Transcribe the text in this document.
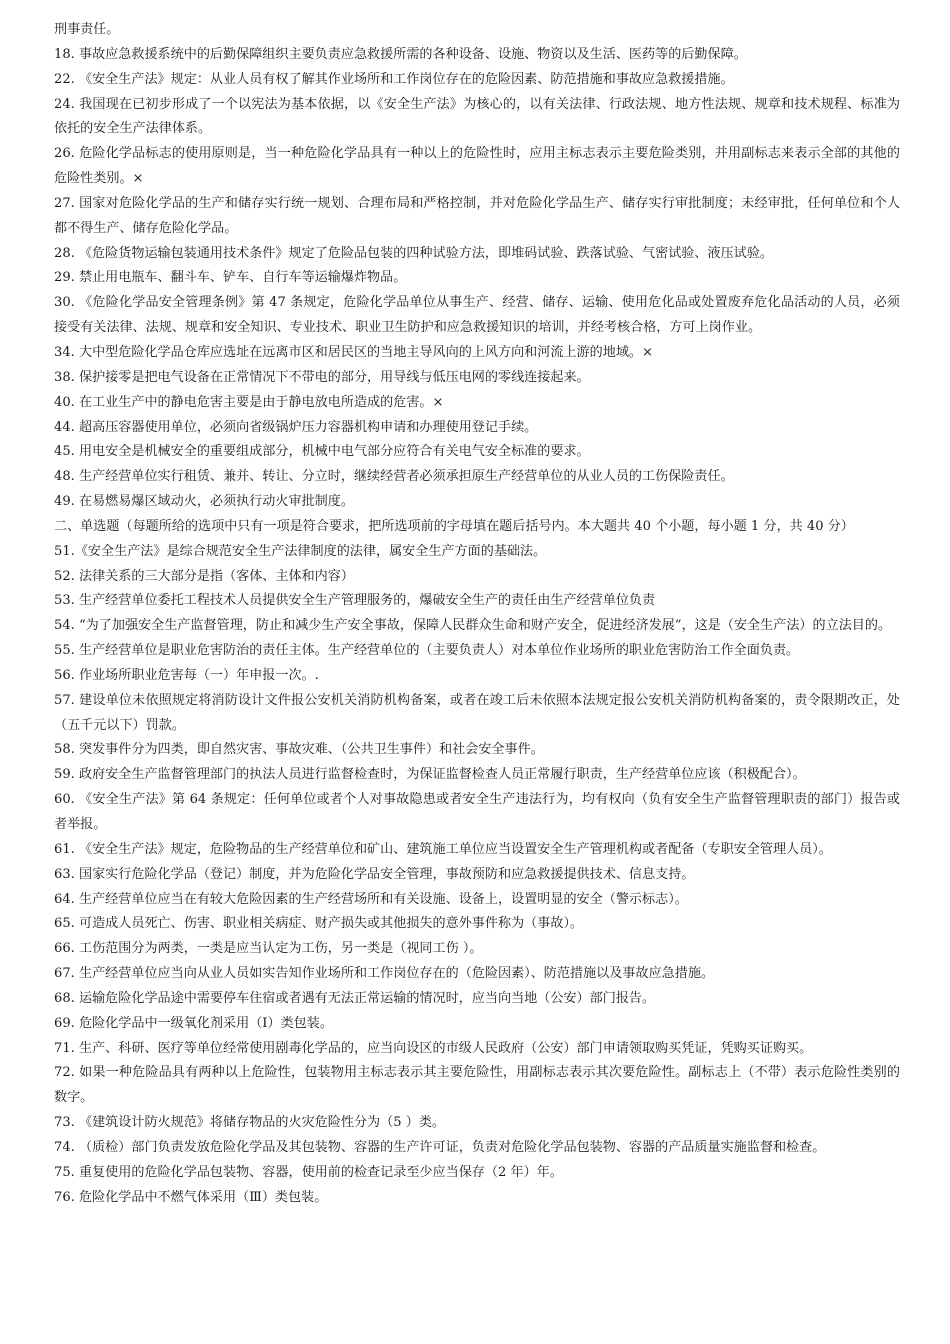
刑事责任。

18. 事故应急救援系统中的后勤保障组织主要负责应急救援所需的各种设备、设施、物资以及生活、医药等的后勤保障。

22. 《安全生产法》规定：从业人员有权了解其作业场所和工作岗位存在的危险因素、防范措施和事故应急救援措施。

24. 我国现在已初步形成了一个以宪法为基本依据，以《安全生产法》为核心的，以有关法律、行政法规、地方性法规、规章和技术规程、标准为依托的安全生产法律体系。

26. 危险化学品标志的使用原则是，当一种危险化学品具有一种以上的危险性时，应用主标志表示主要危险类别，并用副标志来表示全部的其他的危险性类别。×

27. 国家对危险化学品的生产和储存实行统一规划、合理布局和严格控制，并对危险化学品生产、储存实行审批制度；未经审批，任何单位和个人都不得生产、储存危险化学品。

28. 《危险货物运输包装通用技术条件》规定了危险品包装的四种试验方法，即堆码试验、跌落试验、气密试验、液压试验。

29. 禁止用电瓶车、翻斗车、铲车、自行车等运输爆炸物品。

30. 《危险化学品安全管理条例》第 47 条规定，危险化学品单位从事生产、经营、储存、运输、使用危化品或处置废弃危化品活动的人员，必须接受有关法律、法规、规章和安全知识、专业技术、职业卫生防护和应急救援知识的培训，并经考核合格，方可上岗作业。

34. 大中型危险化学品仓库应选址在远离市区和居民区的当地主导风向的上风方向和河流上游的地域。×

38. 保护接零是把电气设备在正常情况下不带电的部分，用导线与低压电网的零线连接起来。

40. 在工业生产中的静电危害主要是由于静电放电所造成的危害。×

44. 超高压容器使用单位，必须向省级锅炉压力容器机构申请和办理使用登记手续。

45. 用电安全是机械安全的重要组成部分，机械中电气部分应符合有关电气安全标准的要求。

48. 生产经营单位实行租赁、兼并、转让、分立时，继续经营者必须承担原生产经营单位的从业人员的工伤保险责任。

49. 在易燃易爆区域动火，必须执行动火审批制度。

二、单选题（每题所给的选项中只有一项是符合要求，把所选项前的字母填在题后括号内。本大题共 40 个小题，每小题 1 分，共 40 分）

51.《安全生产法》是综合规范安全生产法律制度的法律，属安全生产方面的基础法。

52. 法律关系的三大部分是指（客体、主体和内容）

53. 生产经营单位委托工程技术人员提供安全生产管理服务的，爆破安全生产的责任由生产经营单位负责

54. “为了加强安全生产监督管理，防止和减少生产安全事故，保障人民群众生命和财产安全，促进经济发展”，这是（安全生产法）的立法目的。

55. 生产经营单位是职业危害防治的责任主体。生产经营单位的（主要负责人）对本单位作业场所的职业危害防治工作全面负责。

56. 作业场所职业危害每（一）年申报一次。.

57. 建设单位未依照规定将消防设计文件报公安机关消防机构备案，或者在竣工后未依照本法规定报公安机关消防机构备案的，责令限期改正，处（五千元以下）罚款。

58. 突发事件分为四类，即自然灾害、事故灾难、（公共卫生事件）和社会安全事件。

59. 政府安全生产监督管理部门的执法人员进行监督检查时，为保证监督检查人员正常履行职责，生产经营单位应该（积极配合）。

60. 《安全生产法》第 64 条规定：任何单位或者个人对事故隐患或者安全生产违法行为，均有权向（负有安全生产监督管理职责的部门）报告或者举报。

61. 《安全生产法》规定，危险物品的生产经营单位和矿山、建筑施工单位应当设置安全生产管理机构或者配备（专职安全管理人员）。

63. 国家实行危险化学品（登记）制度，并为危险化学品安全管理，事故预防和应急救援提供技术、信息支持。

64. 生产经营单位应当在有较大危险因素的生产经营场所和有关设施、设备上，设置明显的安全（警示标志）。

65. 可造成人员死亡、伤害、职业相关病症、财产损失或其他损失的意外事件称为（事故）。

66. 工伤范围分为两类，一类是应当认定为工伤，另一类是（视同工伤 ）。

67. 生产经营单位应当向从业人员如实告知作业场所和工作岗位存在的（危险因素）、防范措施以及事故应急措施。

68. 运输危险化学品途中需要停车住宿或者遇有无法正常运输的情况时，应当向当地（公安）部门报告。

69. 危险化学品中一级氧化剂采用（Ⅰ）类包装。

71. 生产、科研、医疗等单位经常使用剧毒化学品的，应当向设区的市级人民政府（公安）部门申请领取购买凭证，凭购买证购买。

72. 如果一种危险品具有两种以上危险性，包装物用主标志表示其主要危险性，用副标志表示其次要危险性。副标志上（不带）表示危险性类别的数字。

73. 《建筑设计防火规范》将储存物品的火灾危险性分为（5 ）类。

74. （质检）部门负责发放危险化学品及其包装物、容器的生产许可证，负责对危险化学品包装物、容器的产品质量实施监督和检查。

75. 重复使用的危险化学品包装物、容器，使用前的检查记录至少应当保存（2 年）年。

76. 危险化学品中不燃气体采用（Ⅲ）类包装。
